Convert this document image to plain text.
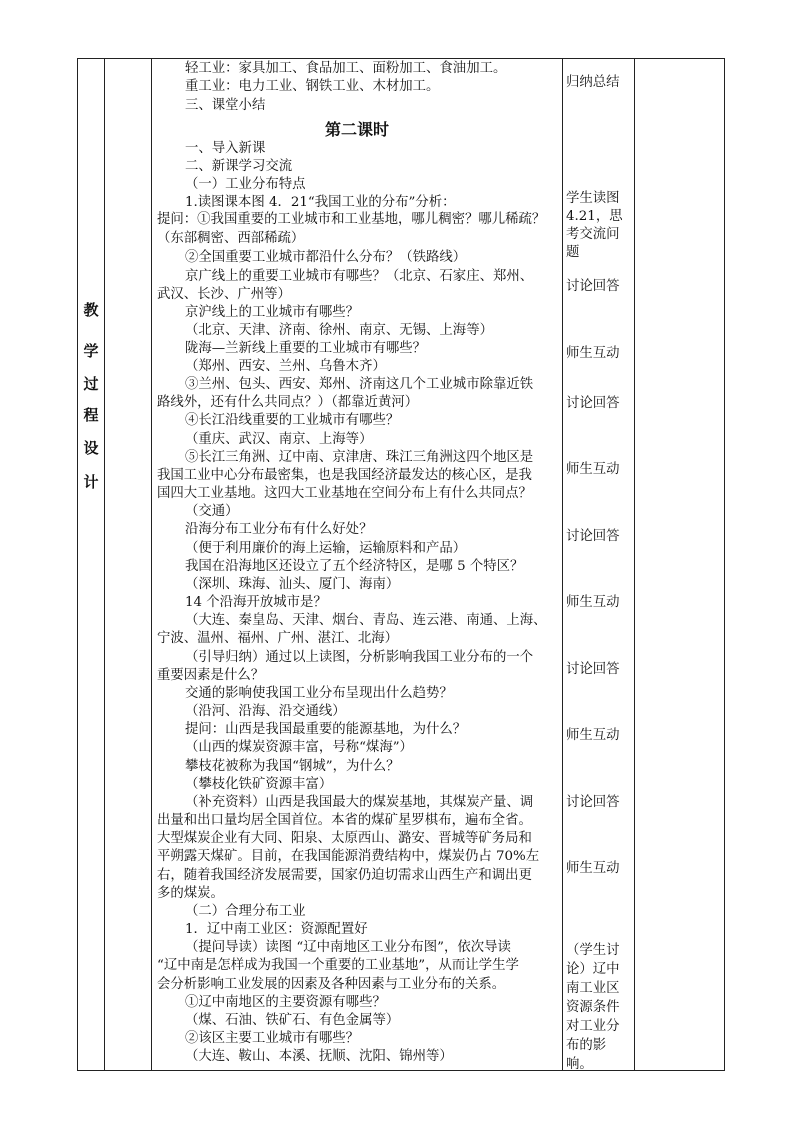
教
学
过
程
设
计
轻工业：家具加工、食品加工、面粉加工、食油加工。
重工业：电力工业、钢铁工业、木材加工。
三、课堂小结
第二课时
一、导入新课
二、新课学习交流
（一）工业分布特点
1.读图课本图 4．21“我国工业的分布”分析：
提问：①我国重要的工业城市和工业基地，哪儿稠密？哪儿稀疏？
（东部稠密、西部稀疏）
②全国重要工业城市都沿什么分布？（铁路线）
京广线上的重要工业城市有哪些？（北京、石家庄、郑州、
武汉、长沙、广州等）
京沪线上的工业城市有哪些？
（北京、天津、济南、徐州、南京、无锡、上海等）
陇海—兰新线上重要的工业城市有哪些？
（郑州、西安、兰州、乌鲁木齐）
③兰州、包头、西安、郑州、济南这几个工业城市除靠近铁
路线外，还有什么共同点？）（都靠近黄河）
④长江沿线重要的工业城市有哪些？
（重庆、武汉、南京、上海等）
⑤长江三角洲、辽中南、京津唐、珠江三角洲这四个地区是
我国工业中心分布最密集，也是我国经济最发达的核心区，是我
国四大工业基地。这四大工业基地在空间分布上有什么共同点？
（交通）
沿海分布工业分布有什么好处？
（便于利用廉价的海上运输，运输原料和产品）
我国在沿海地区还设立了五个经济特区，是哪 5 个特区？
（深圳、珠海、汕头、厦门、海南）
14 个沿海开放城市是？
（大连、秦皇岛、天津、烟台、青岛、连云港、南通、上海、
宁波、温州、福州、广州、湛江、北海）
（引导归纳）通过以上读图，分析影响我国工业分布的一个
重要因素是什么？
交通的影响使我国工业分布呈现出什么趋势？
（沿河、沿海、沿交通线）
提问：山西是我国最重要的能源基地，为什么？
（山西的煤炭资源丰富，号称“煤海”）
攀枝花被称为我国“钢城”，为什么？
（攀枝化铁矿资源丰富）
（补充资料）山西是我国最大的煤炭基地，其煤炭产量、调
出量和出口量均居全国首位。本省的煤矿星罗棋布，遍布全省。
大型煤炭企业有大同、阳泉、太原西山、潞安、晋城等矿务局和
平朔露天煤矿。目前，在我国能源消费结构中，煤炭仍占 70%左
右，随着我国经济发展需要，国家仍迫切需求山西生产和调出更
多的煤炭。
（二）合理分布工业
1．辽中南工业区：资源配置好
（提问导读）读图 “辽中南地区工业分布图”，依次导读
“辽中南是怎样成为我国一个重要的工业基地”，从而让学生学
会分析影响工业发展的因素及各种因素与工业分布的关系。
①辽中南地区的主要资源有哪些？
（煤、石油、铁矿石、有色金属等）
②该区主要工业城市有哪些？
（大连、鞍山、本溪、抚顺、沈阳、锦州等）
归纳总结
学生读图4.21，思考交流问题
讨论回答
师生互动
讨论回答
师生互动
讨论回答
师生互动
讨论回答
师生互动
讨论回答
师生互动
（学生讨论）辽中南工业区资源条件对工业分布的影响。
